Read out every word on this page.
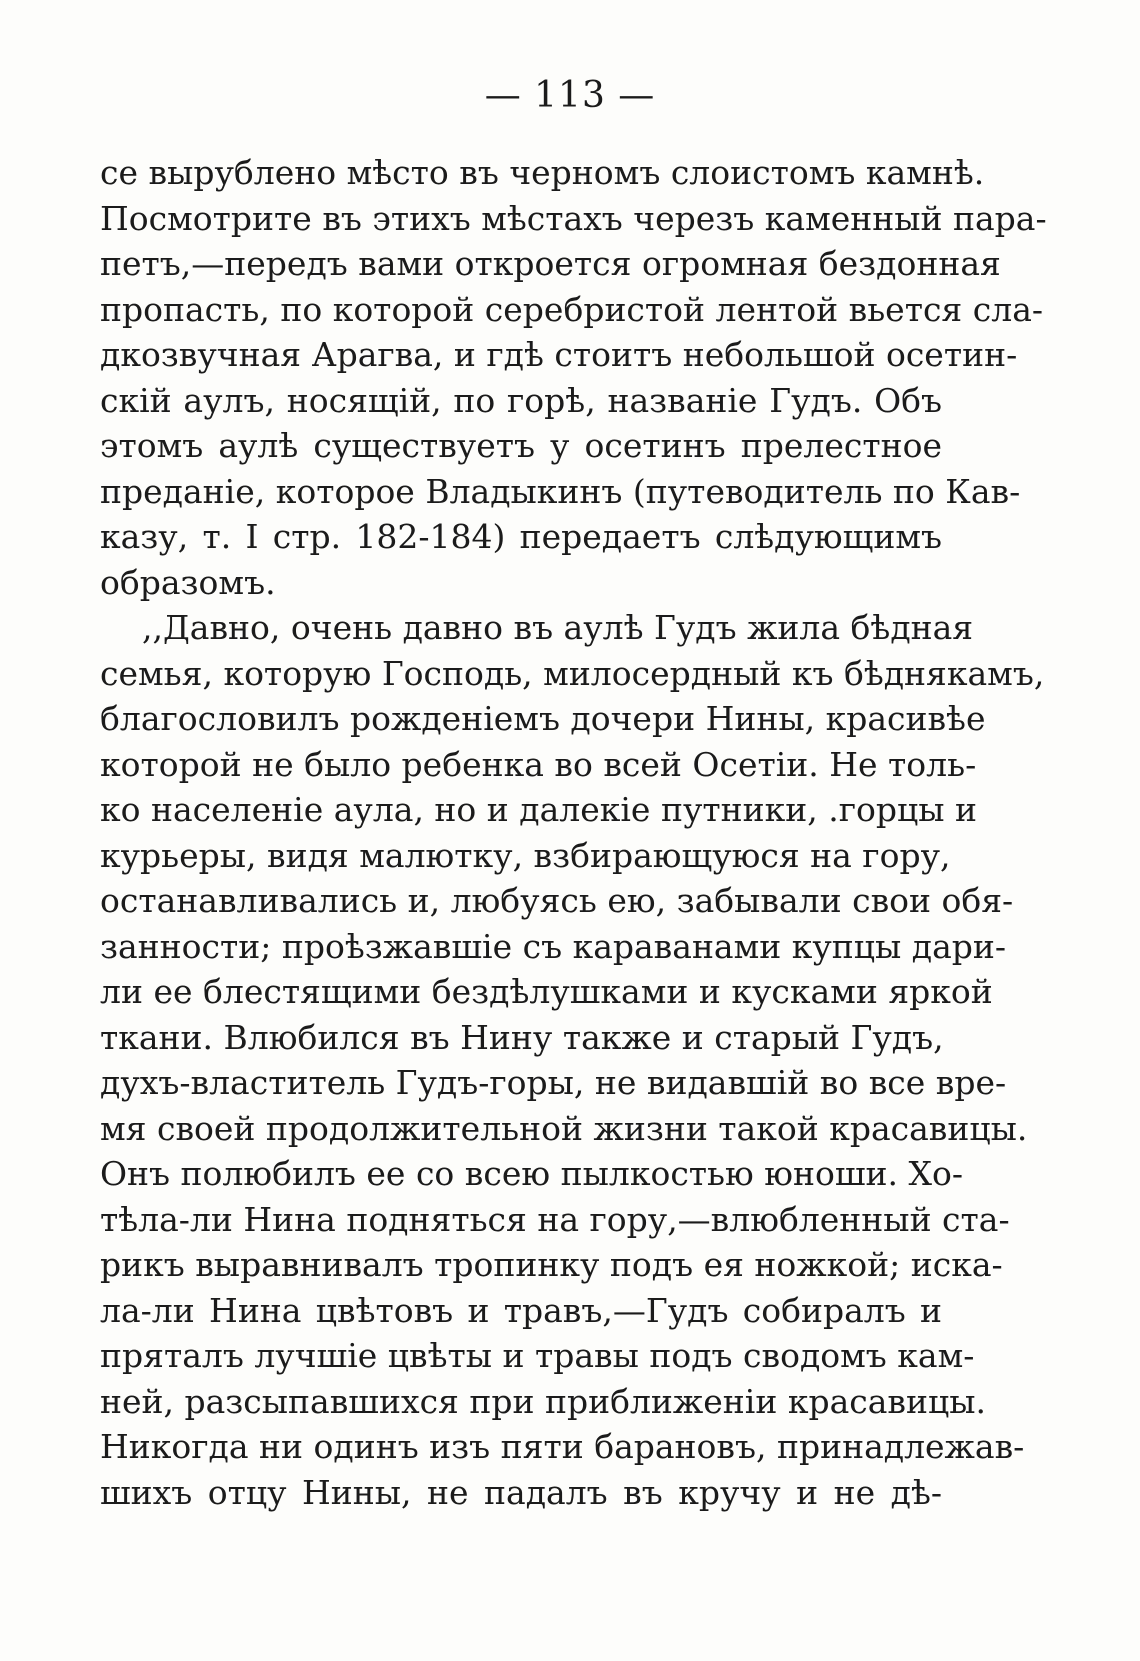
— 113 —
се вырублено мѣсто въ черномъ слоистомъ камнѣ.
Посмотрите въ этихъ мѣстахъ черезъ каменный пара-
петъ,—передъ вами откроется огромная бездонная
пропасть, по которой серебристой лентой вьется сла-
дкозвучная Арагва, и гдѣ стоитъ небольшой осетин-
скій аулъ, носящій, по горѣ, названіе Гудъ. Объ
этомъ аулѣ существуетъ у осетинъ прелестное
преданіе, которое Владыкинъ (путеводитель по Кав-
казу, т. I стр. 182-184) передаетъ слѣдующимъ
образомъ.
,,Давно, очень давно въ аулѣ Гудъ жила бѣдная
семья, которую Господь, милосердный къ бѣднякамъ,
благословилъ рожденіемъ дочери Нины, красивѣе
которой не было ребенка во всей Осетіи. Не толь-
ко населеніе аула, но и далекіе путники, .горцы и
курьеры, видя малютку, взбирающуюся на гору,
останавливались и, любуясь ею, забывали свои обя-
занности; проѣзжавшіе съ караванами купцы дари-
ли ее блестящими бездѣлушками и кусками яркой
ткани. Влюбился въ Нину также и старый Гудъ,
духъ-властитель Гудъ-горы, не видавшій во все вре-
мя своей продолжительной жизни такой красавицы.
Онъ полюбилъ ее со всею пылкостью юноши. Хо-
тѣла-ли Нина подняться на гору,—влюбленный ста-
рикъ выравнивалъ тропинку подъ ея ножкой; иска-
ла-ли Нина цвѣтовъ и травъ,—Гудъ собиралъ и
пряталъ лучшіе цвѣты и травы подъ сводомъ кам-
ней, разсыпавшихся при приближеніи красавицы.
Никогда ни одинъ изъ пяти барановъ, принадлежав-
шихъ отцу Нины, не падалъ въ кручу и не дѣ-
